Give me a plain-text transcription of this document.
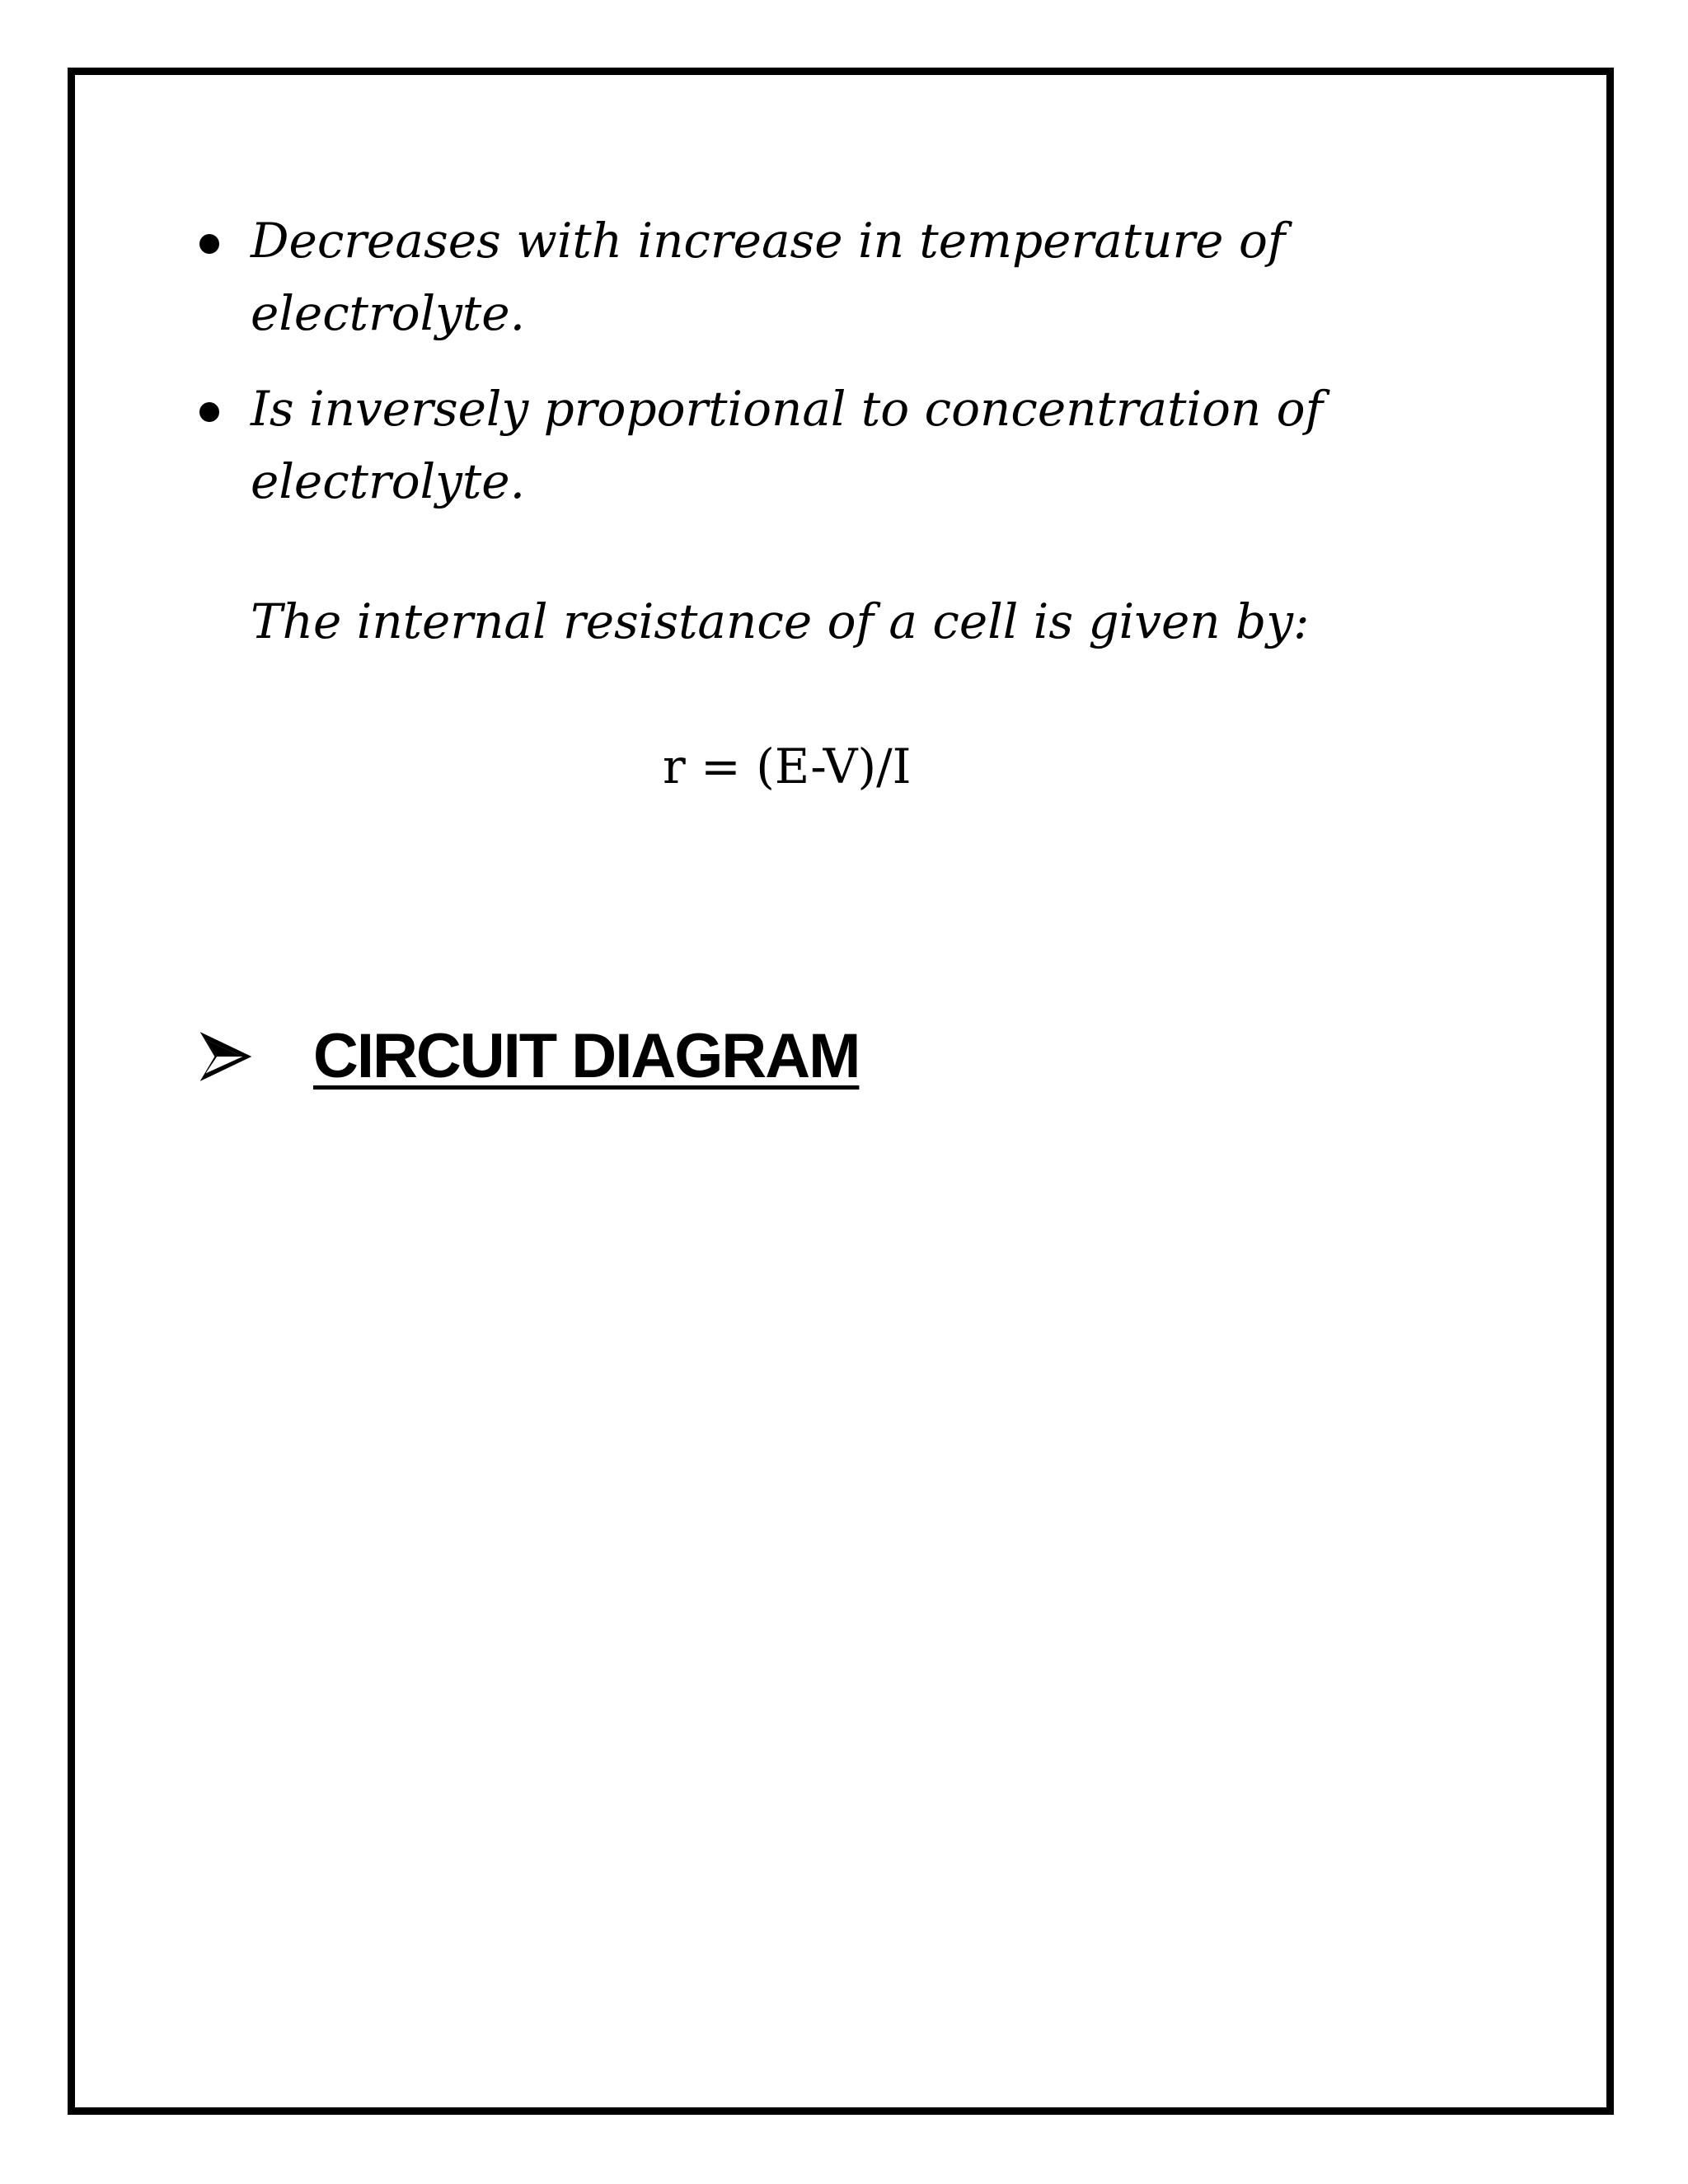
Decreases with increase in temperature of electrolyte.
Is inversely proportional to concentration of electrolyte.

The internal resistance of a cell is given by:

r = (E-V)/I

CIRCUIT DIAGRAM
